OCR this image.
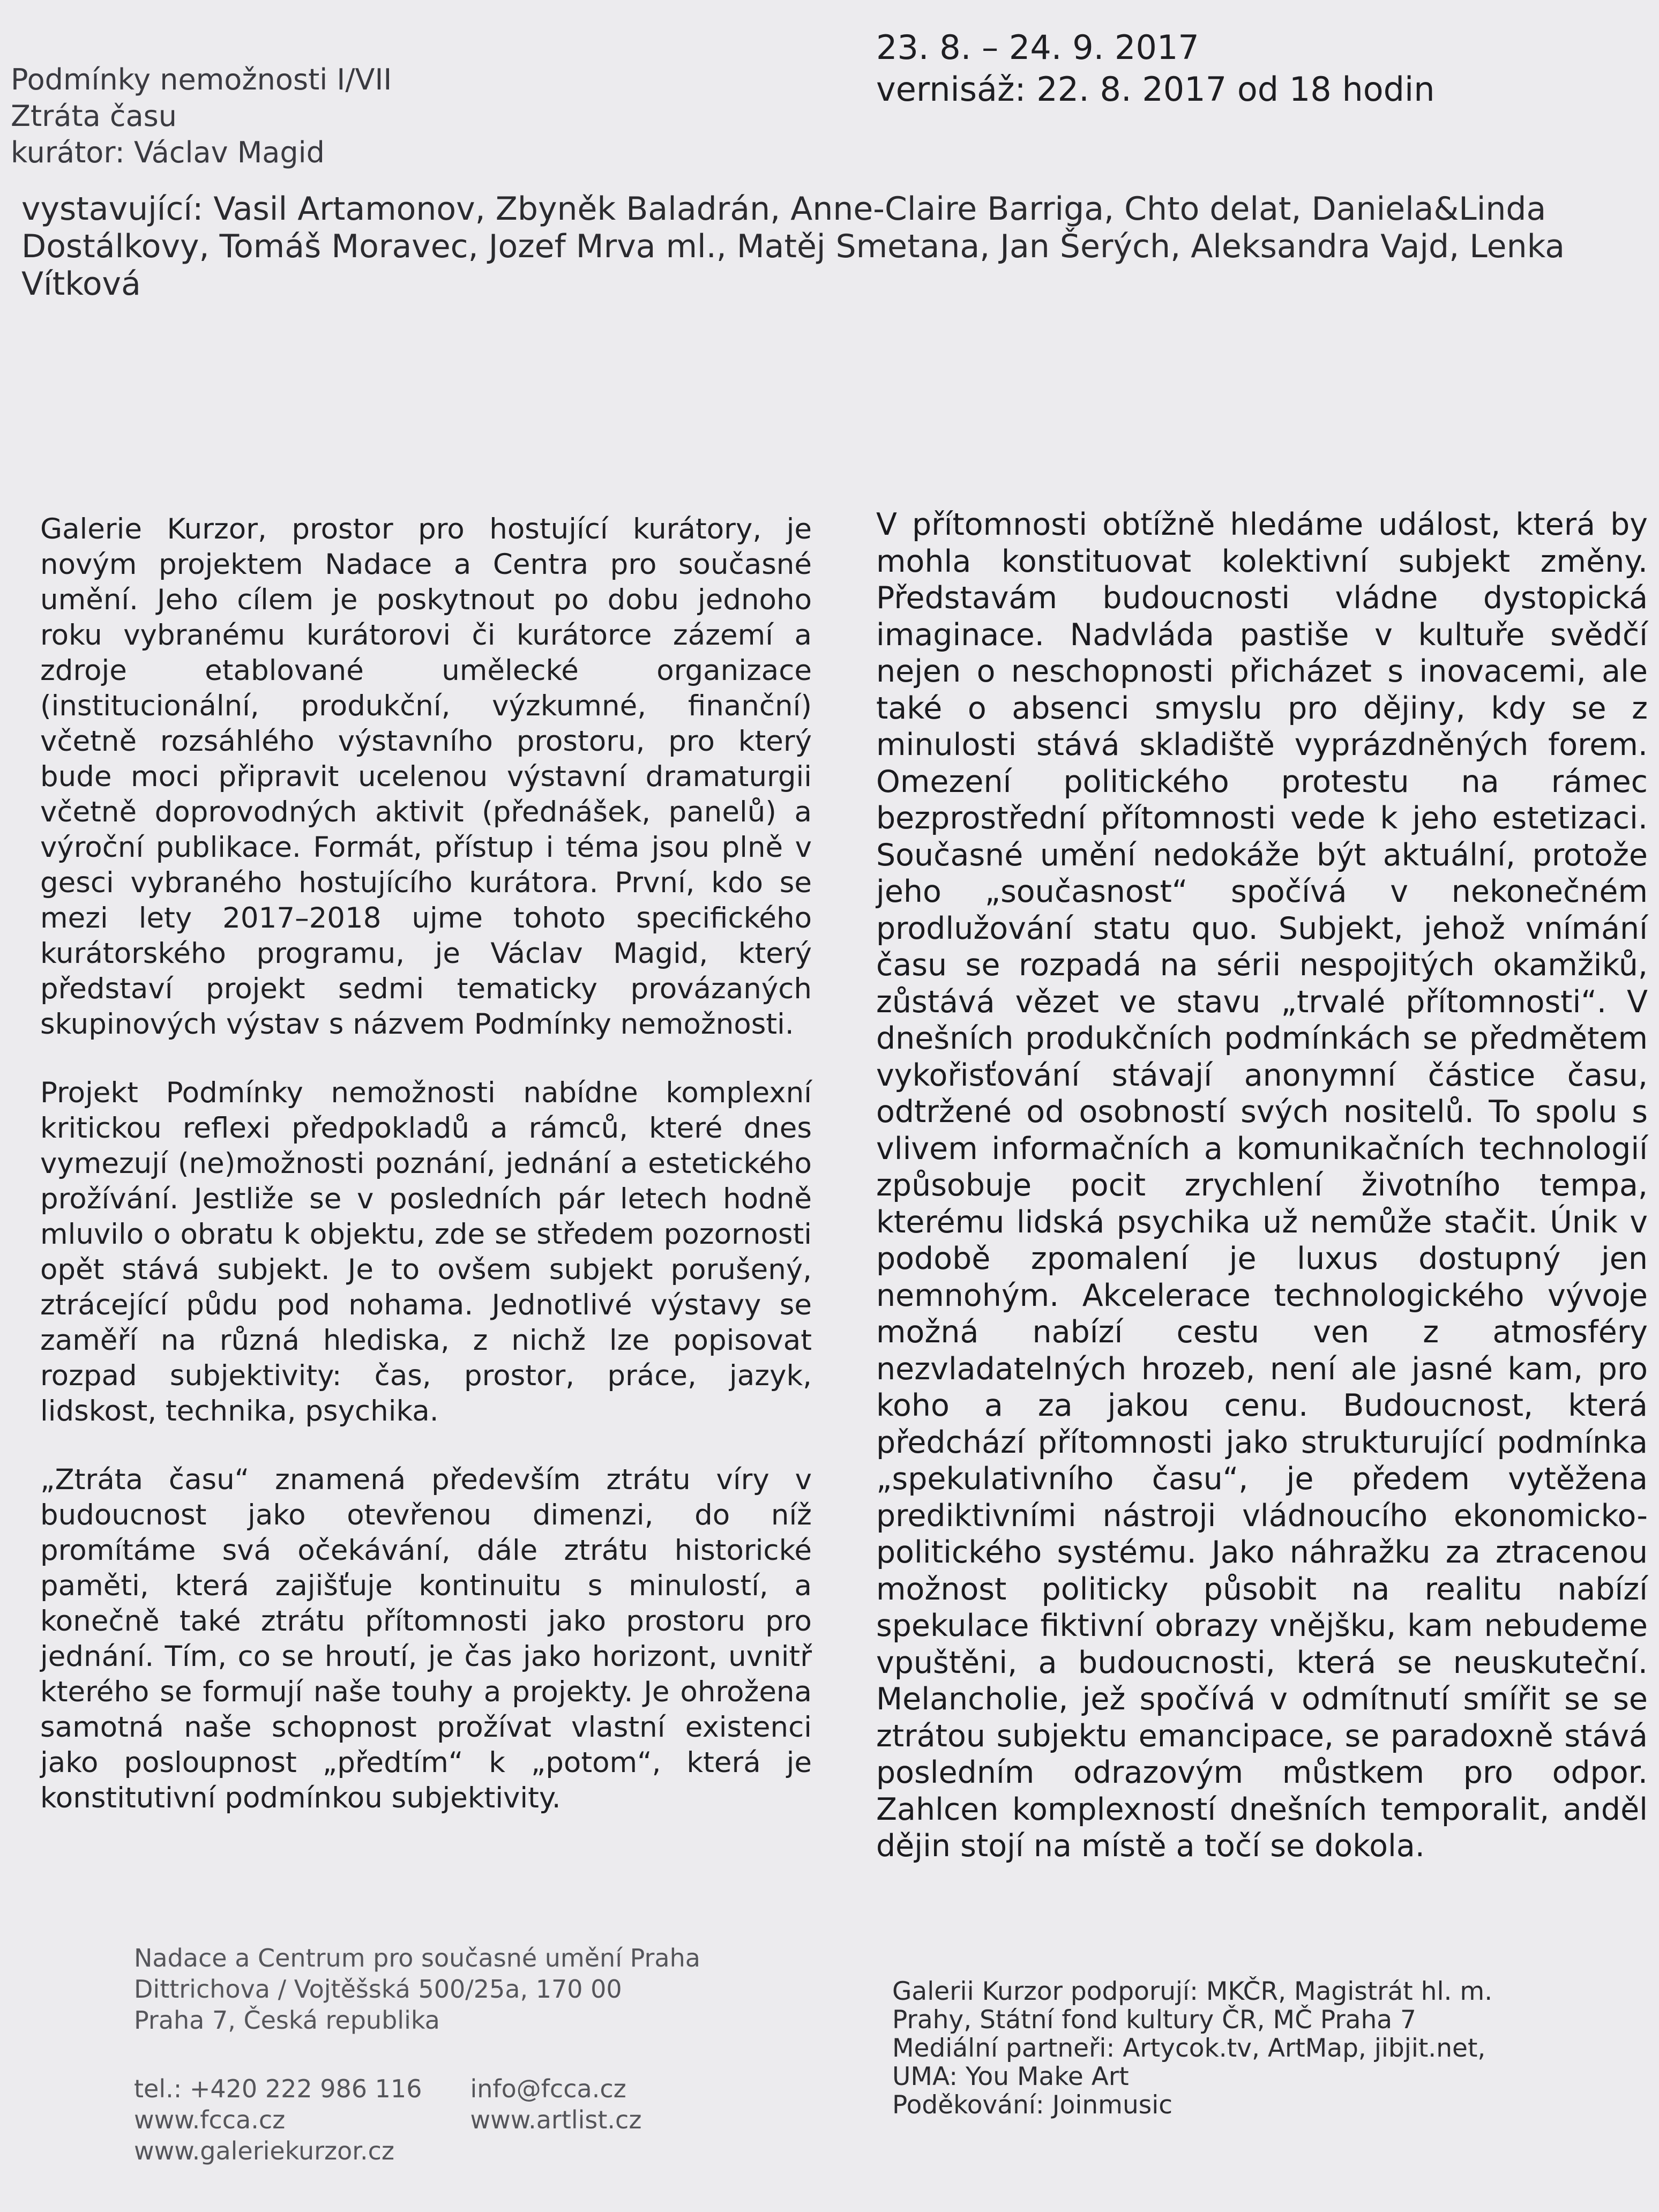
Podmínky nemožnosti I/VII
Ztráta času
kurátor: Václav Magid
23. 8. – 24. 9. 2017
vernisáž: 22. 8. 2017 od 18 hodin

vystavující: Vasil Artamonov, Zbyněk Baladrán, Anne-Claire Barriga, Chto delat, Daniela&Linda Dostálkovy, Tomáš Moravec, Jozef Mrva ml., Matěj Smetana, Jan Šerých, Aleksandra Vajd, Lenka Vítková

Galerie Kurzor, prostor pro hostující kurátory, je novým projektem Nadace a Centra pro současné umění. Jeho cílem je poskytnout po dobu jednoho roku vybranému kurátorovi či kurátorce zázemí a zdroje etablované umělecké organizace (institucionální, produkční, výzkumné, finanční) včetně rozsáhlého výstavního prostoru, pro který bude moci připravit ucelenou výstavní dramaturgii včetně doprovodných aktivit (přednášek, panelů) a výroční publikace. Formát, přístup i téma jsou plně v gesci vybraného hostujícího kurátora. První, kdo se mezi lety 2017–2018 ujme tohoto specifického kurátorského programu, je Václav Magid, který představí projekt sedmi tematicky provázaných skupinových výstav s názvem Podmínky nemožnosti.

Projekt Podmínky nemožnosti nabídne komplexní kritickou reflexi předpokladů a rámců, které dnes vymezují (ne)možnosti poznání, jednání a estetického prožívání. Jestliže se v posledních pár letech hodně mluvilo o obratu k objektu, zde se středem pozornosti opět stává subjekt. Je to ovšem subjekt porušený, ztrácející půdu pod nohama. Jednotlivé výstavy se zaměří na různá hlediska, z nichž lze popisovat rozpad subjektivity: čas, prostor, práce, jazyk, lidskost, technika, psychika.

„Ztráta času“ znamená především ztrátu víry v budoucnost jako otevřenou dimenzi, do níž promítáme svá očekávání, dále ztrátu historické paměti, která zajišťuje kontinuitu s minulostí, a konečně také ztrátu přítomnosti jako prostoru pro jednání. Tím, co se hroutí, je čas jako horizont, uvnitř kterého se formují naše touhy a projekty. Je ohrožena samotná naše schopnost prožívat vlastní existenci jako posloupnost „předtím“ k „potom“, která je konstitutivní podmínkou subjektivity.

V přítomnosti obtížně hledáme událost, která by mohla konstituovat kolektivní subjekt změny. Představám budoucnosti vládne dystopická imaginace. Nadvláda pastiše v kultuře svědčí nejen o neschopnosti přicházet s inovacemi, ale také o absenci smyslu pro dějiny, kdy se z minulosti stává skladiště vyprázdněných forem. Omezení politického protestu na rámec bezprostřední přítomnosti vede k jeho estetizaci. Současné umění nedokáže být aktuální, protože jeho „současnost“ spočívá v nekonečném prodlužování statu quo. Subjekt, jehož vnímání času se rozpadá na sérii nespojitých okamžiků, zůstává vězet ve stavu „trvalé přítomnosti“. V dnešních produkčních podmínkách se předmětem vykořisťování stávají anonymní částice času, odtržené od osobností svých nositelů. To spolu s vlivem informačních a komunikačních technologií způsobuje pocit zrychlení životního tempa, kterému lidská psychika už nemůže stačit. Únik v podobě zpomalení je luxus dostupný jen nemnohým. Akcelerace technologického vývoje možná nabízí cestu ven z atmosféry nezvladatelných hrozeb, není ale jasné kam, pro koho a za jakou cenu. Budoucnost, která předchází přítomnosti jako strukturující podmínka „spekulativního času“, je předem vytěžena prediktivními nástroji vládnoucího ekonomicko-politického systému. Jako náhražku za ztracenou možnost politicky působit na realitu nabízí spekulace fiktivní obrazy vnějšku, kam nebudeme vpuštěni, a budoucnosti, která se neuskuteční. Melancholie, jež spočívá v odmítnutí smířit se se ztrátou subjektu emancipace, se paradoxně stává posledním odrazovým můstkem pro odpor. Zahlcen komplexností dnešních temporalit, anděl dějin stojí na místě a točí se dokola.

Nadace a Centrum pro současné umění Praha
Dittrichova / Vojtěšská 500/25a, 170 00
Praha 7, Česká republika
tel.: +420 222 986 116
www.fcca.cz
www.galeriekurzor.cz
info@fcca.cz
www.artlist.cz
Galerii Kurzor podporují: MKČR, Magistrát hl. m.
Prahy, Státní fond kultury ČR, MČ Praha 7
Mediální partneři: Artycok.tv, ArtMap, jibjit.net,
UMA: You Make Art
Poděkování: Joinmusic
